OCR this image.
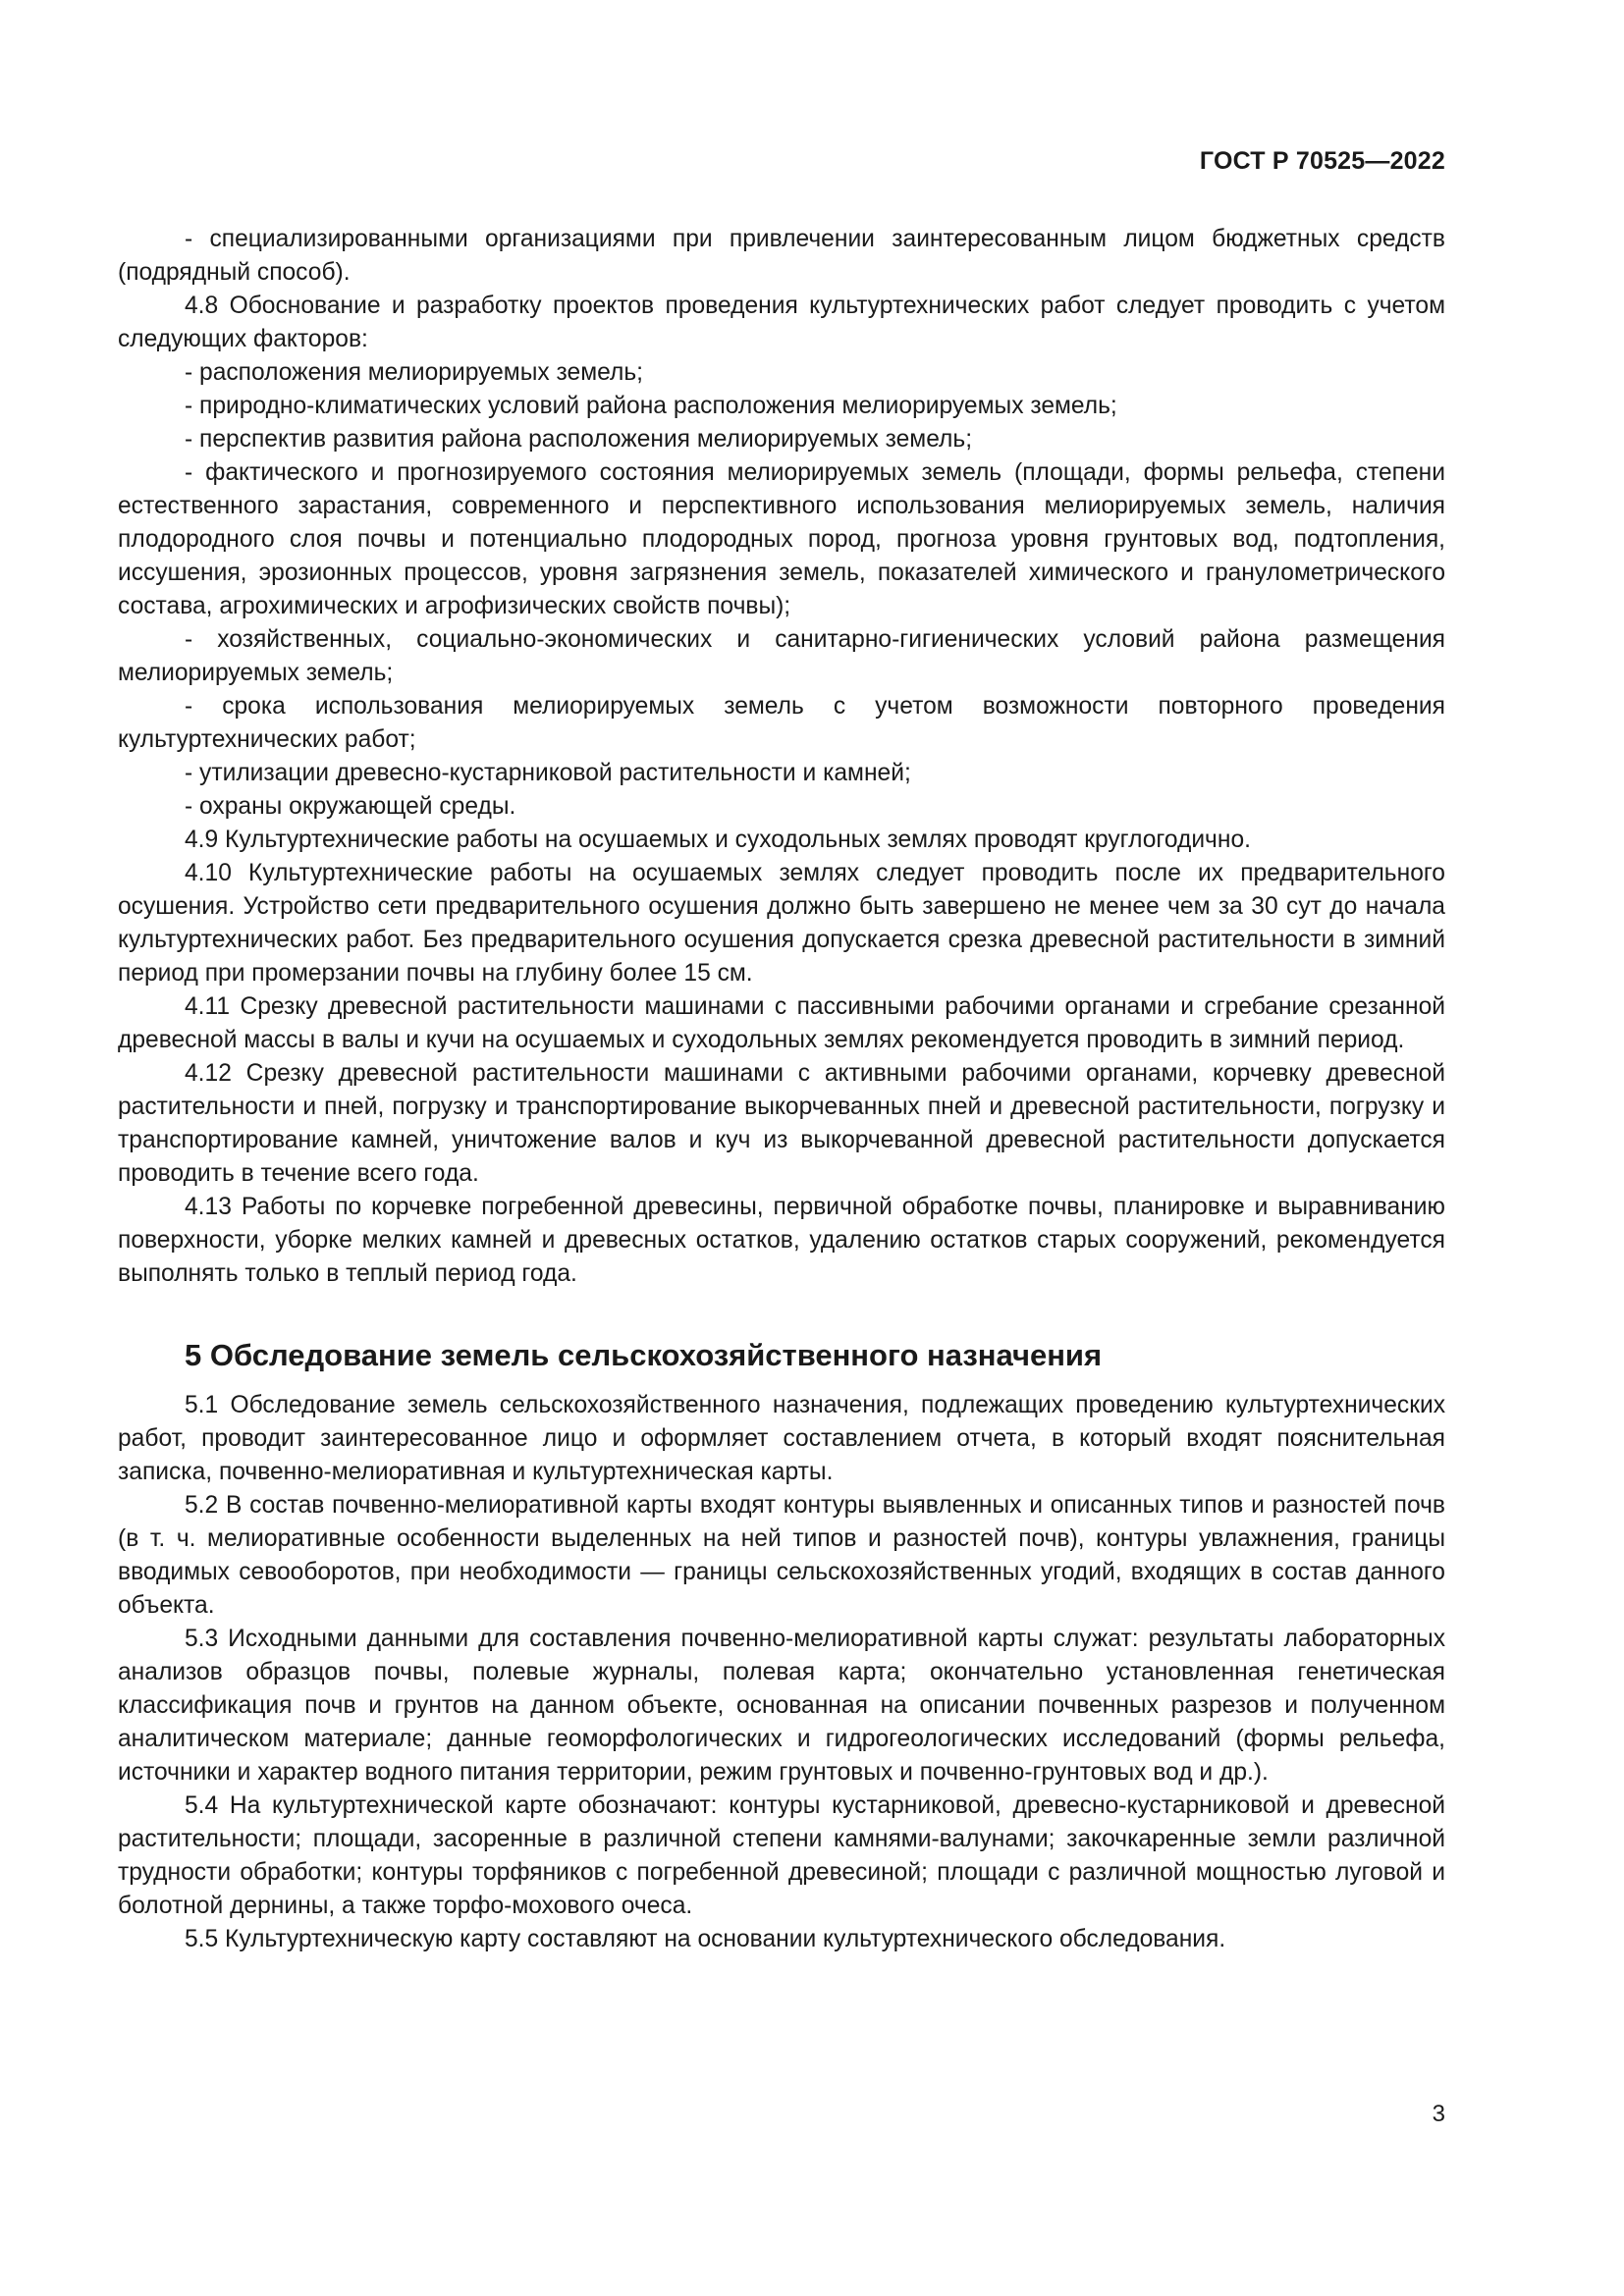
ГОСТ Р 70525—2022

- специализированными организациями при привлечении заинтересованным лицом бюджетных средств (подрядный способ).

4.8 Обоснование и разработку проектов проведения культуртехнических работ следует проводить с учетом следующих факторов:

- расположения мелиорируемых земель;

- природно-климатических условий района расположения мелиорируемых земель;

- перспектив развития района расположения мелиорируемых земель;

- фактического и прогнозируемого состояния мелиорируемых земель (площади, формы рельефа, степени естественного зарастания, современного и перспективного использования мелиорируемых земель, наличия плодородного слоя почвы и потенциально плодородных пород, прогноза уровня грунтовых вод, подтопления, иссушения, эрозионных процессов, уровня загрязнения земель, показателей химического и гранулометрического состава, агрохимических и агрофизических свойств почвы);

- хозяйственных, социально-экономических и санитарно-гигиенических условий района размещения мелиорируемых земель;

- срока использования мелиорируемых земель с учетом возможности повторного проведения культуртехнических работ;

- утилизации древесно-кустарниковой растительности и камней;

- охраны окружающей среды.

4.9 Культуртехнические работы на осушаемых и суходольных землях проводят круглогодично.

4.10 Культуртехнические работы на осушаемых землях следует проводить после их предварительного осушения. Устройство сети предварительного осушения должно быть завершено не менее чем за 30 сут до начала культуртехнических работ. Без предварительного осушения допускается срезка древесной растительности в зимний период при промерзании почвы на глубину более 15 см.

4.11 Срезку древесной растительности машинами с пассивными рабочими органами и сгребание срезанной древесной массы в валы и кучи на осушаемых и суходольных землях рекомендуется проводить в зимний период.

4.12 Срезку древесной растительности машинами с активными рабочими органами, корчевку древесной растительности и пней, погрузку и транспортирование выкорчеванных пней и древесной растительности, погрузку и транспортирование камней, уничтожение валов и куч из выкорчеванной древесной растительности допускается проводить в течение всего года.

4.13 Работы по корчевке погребенной древесины, первичной обработке почвы, планировке и выравниванию поверхности, уборке мелких камней и древесных остатков, удалению остатков старых сооружений, рекомендуется выполнять только в теплый период года.

5 Обследование земель сельскохозяйственного назначения

5.1 Обследование земель сельскохозяйственного назначения, подлежащих проведению культуртехнических работ, проводит заинтересованное лицо и оформляет составлением отчета, в который входят пояснительная записка, почвенно-мелиоративная и культуртехническая карты.

5.2 В состав почвенно-мелиоративной карты входят контуры выявленных и описанных типов и разностей почв (в т. ч. мелиоративные особенности выделенных на ней типов и разностей почв), контуры увлажнения, границы вводимых севооборотов, при необходимости — границы сельскохозяйственных угодий, входящих в состав данного объекта.

5.3 Исходными данными для составления почвенно-мелиоративной карты служат: результаты лабораторных анализов образцов почвы, полевые журналы, полевая карта; окончательно установленная генетическая классификация почв и грунтов на данном объекте, основанная на описании почвенных разрезов и полученном аналитическом материале; данные геоморфологических и гидрогеологических исследований (формы рельефа, источники и характер водного питания территории, режим грунтовых и почвенно-грунтовых вод и др.).

5.4 На культуртехнической карте обозначают: контуры кустарниковой, древесно-кустарниковой и древесной растительности; площади, засоренные в различной степени камнями-валунами; закочкаренные земли различной трудности обработки; контуры торфяников с погребенной древесиной; площади с различной мощностью луговой и болотной дернины, а также торфо-мохового очеса.

5.5 Культуртехническую карту составляют на основании культуртехнического обследования.

3
